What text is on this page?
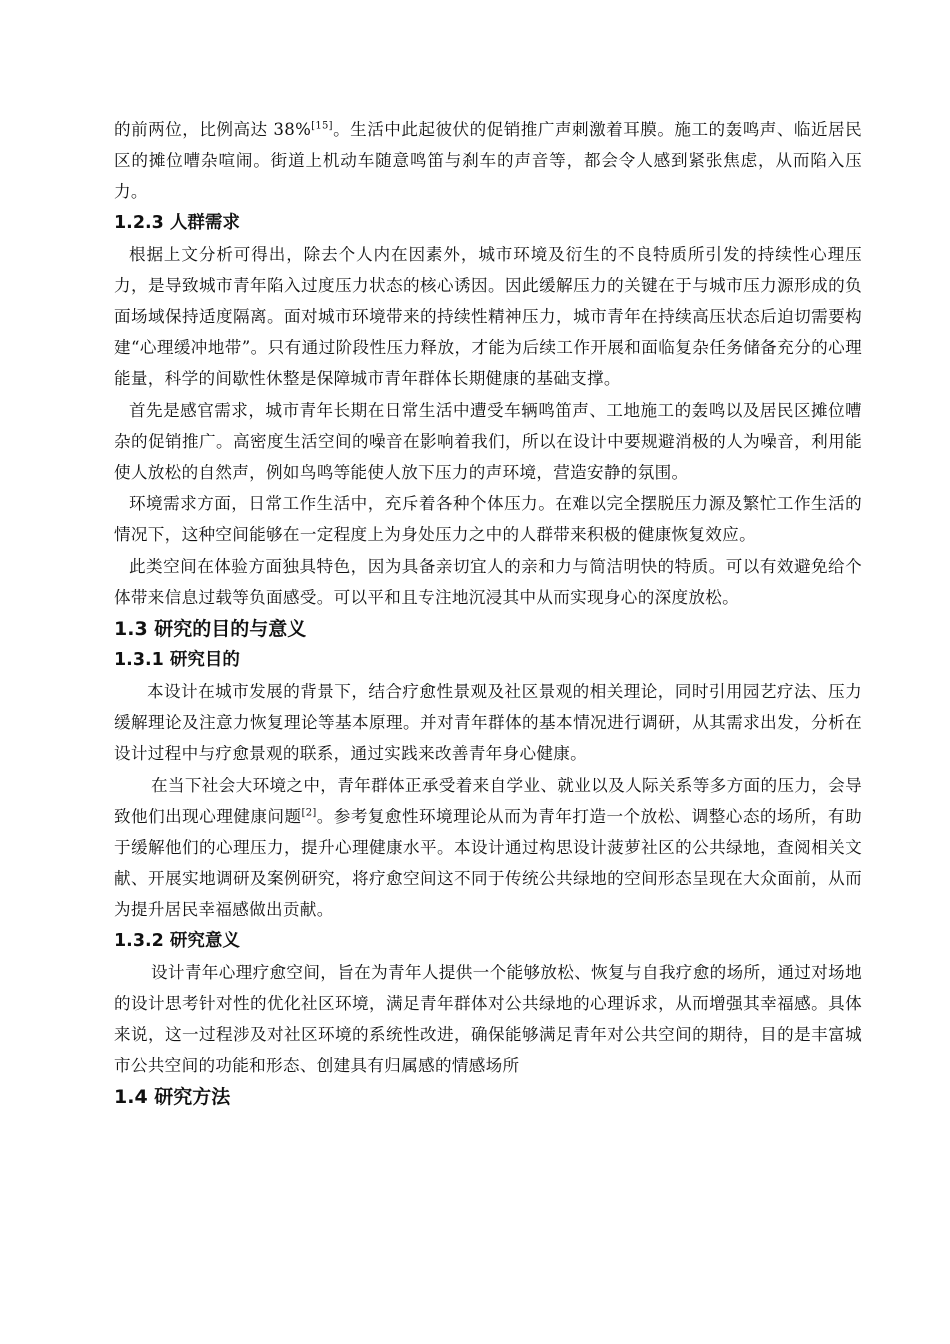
的前两位，比例高达 38%[15]。生活中此起彼伏的促销推广声刺激着耳膜。施工的轰鸣声、临近居民区的摊位嘈杂喧闹。街道上机动车随意鸣笛与刹车的声音等，都会令人感到紧张焦虑，从而陷入压力。

1.2.3 人群需求

根据上文分析可得出，除去个人内在因素外，城市环境及衍生的不良特质所引发的持续性心理压力，是导致城市青年陷入过度压力状态的核心诱因。因此缓解压力的关键在于与城市压力源形成的负面场域保持适度隔离。面对城市环境带来的持续性精神压力，城市青年在持续高压状态后迫切需要构建“心理缓冲地带”。只有通过阶段性压力释放，才能为后续工作开展和面临复杂任务储备充分的心理能量，科学的间歇性休整是保障城市青年群体长期健康的基础支撑。

首先是感官需求，城市青年长期在日常生活中遭受车辆鸣笛声、工地施工的轰鸣以及居民区摊位嘈杂的促销推广。高密度生活空间的噪音在影响着我们，所以在设计中要规避消极的人为噪音，利用能使人放松的自然声，例如鸟鸣等能使人放下压力的声环境，营造安静的氛围。

环境需求方面，日常工作生活中，充斥着各种个体压力。在难以完全摆脱压力源及繁忙工作生活的情况下，这种空间能够在一定程度上为身处压力之中的人群带来积极的健康恢复效应。

此类空间在体验方面独具特色，因为具备亲切宜人的亲和力与简洁明快的特质。可以有效避免给个体带来信息过载等负面感受。可以平和且专注地沉浸其中从而实现身心的深度放松。

1.3 研究的目的与意义
1.3.1 研究目的

本设计在城市发展的背景下，结合疗愈性景观及社区景观的相关理论，同时引用园艺疗法、压力缓解理论及注意力恢复理论等基本原理。并对青年群体的基本情况进行调研，从其需求出发，分析在设计过程中与疗愈景观的联系，通过实践来改善青年身心健康。

在当下社会大环境之中，青年群体正承受着来自学业、就业以及人际关系等多方面的压力，会导致他们出现心理健康问题[2]。参考复愈性环境理论从而为青年打造一个放松、调整心态的场所，有助于缓解他们的心理压力，提升心理健康水平。本设计通过构思设计菠萝社区的公共绿地，查阅相关文献、开展实地调研及案例研究，将疗愈空间这不同于传统公共绿地的空间形态呈现在大众面前，从而为提升居民幸福感做出贡献。

1.3.2 研究意义

设计青年心理疗愈空间，旨在为青年人提供一个能够放松、恢复与自我疗愈的场所，通过对场地的设计思考针对性的优化社区环境，满足青年群体对公共绿地的心理诉求，从而增强其幸福感。具体来说，这一过程涉及对社区环境的系统性改进，确保能够满足青年对公共空间的期待，目的是丰富城市公共空间的功能和形态、创建具有归属感的情感场所

1.4 研究方法
